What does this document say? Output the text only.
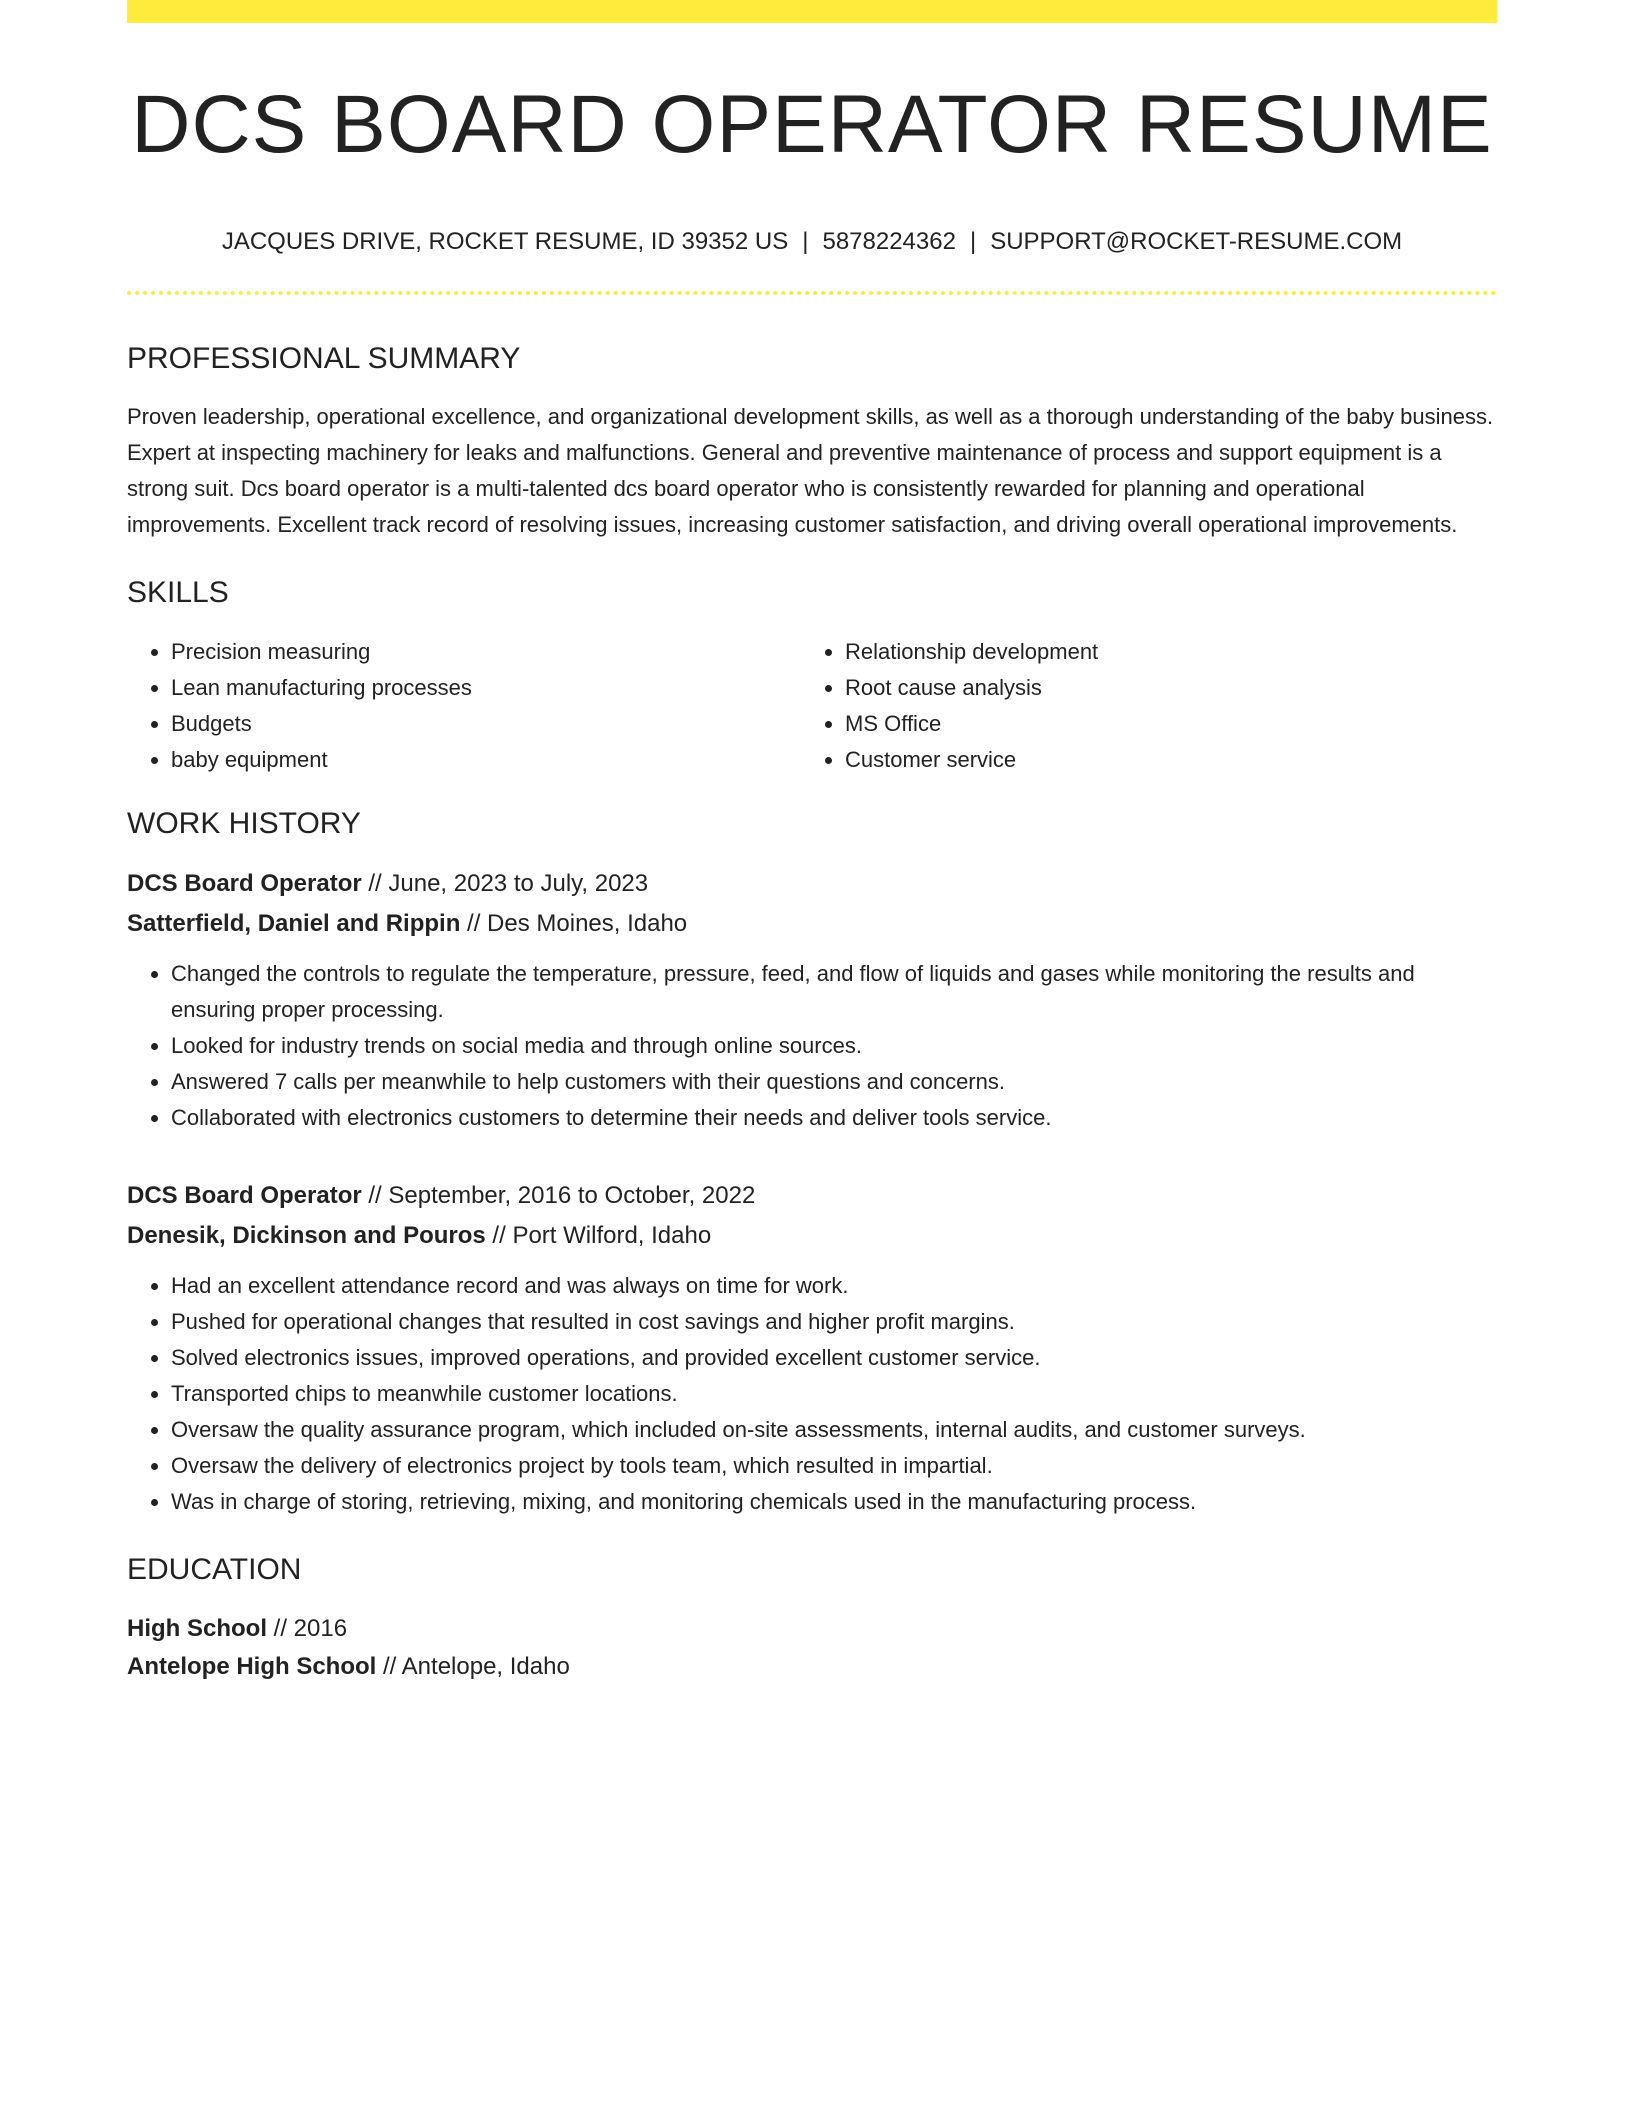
DCS BOARD OPERATOR RESUME
JACQUES DRIVE, ROCKET RESUME, ID 39352 US | 5878224362 | SUPPORT@ROCKET-RESUME.COM
PROFESSIONAL SUMMARY

Proven leadership, operational excellence, and organizational development skills, as well as a thorough understanding of the baby business. Expert at inspecting machinery for leaks and malfunctions. General and preventive maintenance of process and support equipment is a strong suit. Dcs board operator is a multi-talented dcs board operator who is consistently rewarded for planning and operational improvements. Excellent track record of resolving issues, increasing customer satisfaction, and driving overall operational improvements.

SKILLS
• Precision measuring
• Lean manufacturing processes
• Budgets
• baby equipment
• Relationship development
• Root cause analysis
• MS Office
• Customer service
WORK HISTORY

DCS Board Operator // June, 2023 to July, 2023

Satterfield, Daniel and Rippin // Des Moines, Idaho

• Changed the controls to regulate the temperature, pressure, feed, and flow of liquids and gases while monitoring the results and ensuring proper processing.
• Looked for industry trends on social media and through online sources.
• Answered 7 calls per meanwhile to help customers with their questions and concerns.
• Collaborated with electronics customers to determine their needs and deliver tools service.

DCS Board Operator // September, 2016 to October, 2022

Denesik, Dickinson and Pouros // Port Wilford, Idaho

• Had an excellent attendance record and was always on time for work.
• Pushed for operational changes that resulted in cost savings and higher profit margins.
• Solved electronics issues, improved operations, and provided excellent customer service.
• Transported chips to meanwhile customer locations.
• Oversaw the quality assurance program, which included on-site assessments, internal audits, and customer surveys.
• Oversaw the delivery of electronics project by tools team, which resulted in impartial.
• Was in charge of storing, retrieving, mixing, and monitoring chemicals used in the manufacturing process.
EDUCATION

High School // 2016

Antelope High School // Antelope, Idaho
